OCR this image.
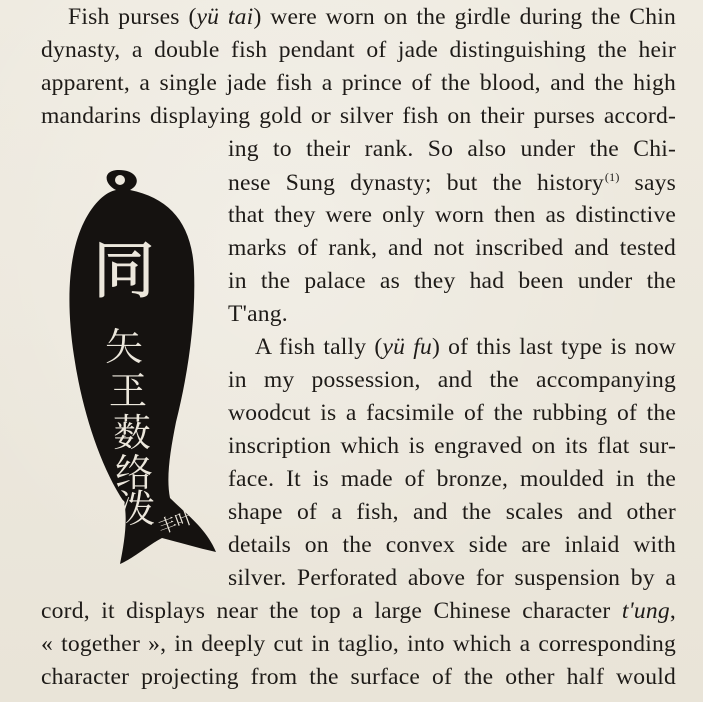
Fish purses (yü tai) were worn on the girdle during the Chin
dynasty, a double fish pendant of jade distinguishing the heir
apparent, a single jade fish a prince of the blood, and the high
mandarins displaying gold or silver fish on their purses accord-
ing to their rank. So also under the Chi-
nese Sung dynasty; but the history$^{(1)}$ says
that they were only worn then as distinctive
marks of rank, and not inscribed and tested
in the palace as they had been under the
T'ang.
A fish tally (yü fu) of this last type is now
in my possession, and the accompanying
woodcut is a facsimile of the rubbing of the
inscription which is engraved on its flat sur-
face. It is made of bronze, moulded in the
shape of a fish, and the scales and other
details on the convex side are inlaid with
silver. Perforated above for suspension by a
cord, it displays near the top a large Chinese character t'ung,
« together », in deeply cut in taglio, into which a corresponding
character projecting from the surface of the other half would
同
矢
玊
薮
络
泼 丰叶
